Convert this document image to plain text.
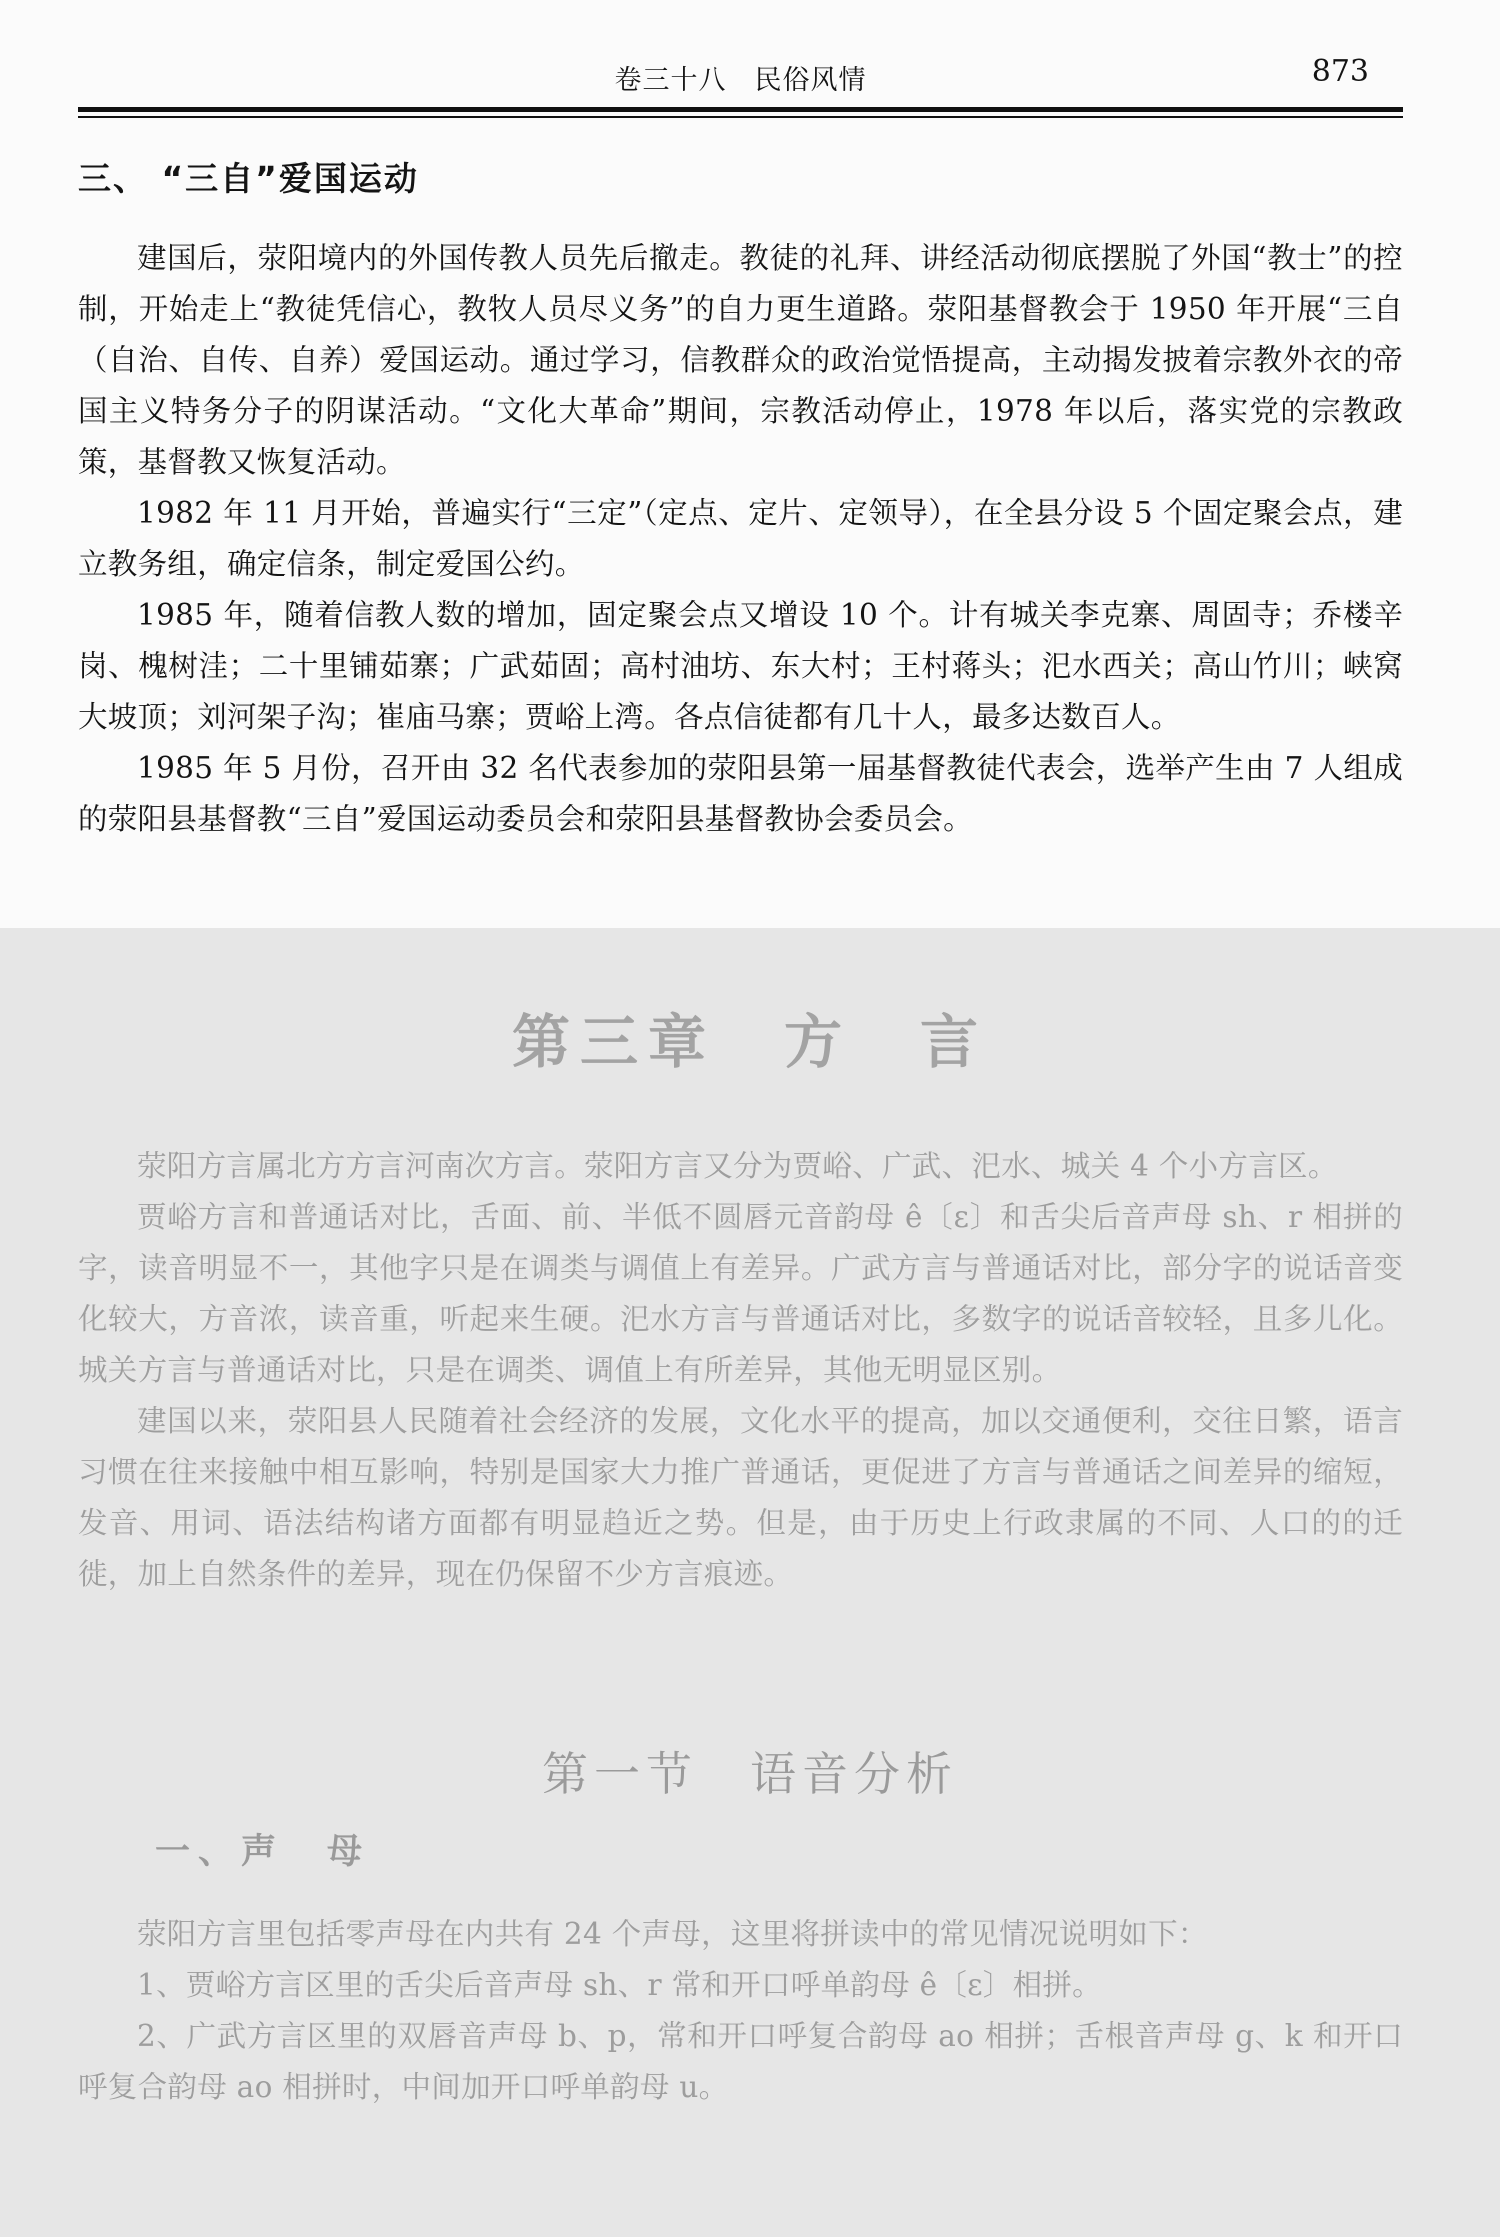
卷三十八　民俗风情	873
三、 “三自”爱国运动

建国后，荥阳境内的外国传教人员先后撤走。教徒的礼拜、讲经活动彻底摆脱了外国“教士”的控制，开始走上“教徒凭信心，教牧人员尽义务”的自力更生道路。荥阳基督教会于 1950 年开展“三自（自治、自传、自养）爱国运动。通过学习，信教群众的政治觉悟提高，主动揭发披着宗教外衣的帝国主义特务分子的阴谋活动。“文化大革命”期间，宗教活动停止，1978 年以后，落实党的宗教政策，基督教又恢复活动。

1982 年 11 月开始，普遍实行“三定”（定点、定片、定领导），在全县分设 5 个固定聚会点，建立教务组，确定信条，制定爱国公约。

1985 年，随着信教人数的增加，固定聚会点又增设 10 个。计有城关李克寨、周固寺；乔楼辛岗、槐树洼；二十里铺茹寨；广武茹固；高村油坊、东大村；王村蒋头；汜水西关；高山竹川；峡窝大坡顶；刘河架子沟；崔庙马寨；贾峪上湾。各点信徒都有几十人，最多达数百人。

1985 年 5 月份，召开由 32 名代表参加的荥阳县第一届基督教徒代表会，选举产生由 7 人组成的荥阳县基督教“三自”爱国运动委员会和荥阳县基督教协会委员会。

第三章　方　言

荥阳方言属北方方言河南次方言。荥阳方言又分为贾峪、广武、汜水、城关 4 个小方言区。

贾峪方言和普通话对比，舌面、前、半低不圆唇元音韵母 ê〔ɛ〕和舌尖后音声母 sh、r 相拼的字，读音明显不一，其他字只是在调类与调值上有差异。广武方言与普通话对比，部分字的说话音变化较大，方音浓，读音重，听起来生硬。汜水方言与普通话对比，多数字的说话音较轻，且多儿化。城关方言与普通话对比，只是在调类、调值上有所差异，其他无明显区别。

建国以来，荥阳县人民随着社会经济的发展，文化水平的提高，加以交通便利，交往日繁，语言习惯在往来接触中相互影响，特别是国家大力推广普通话，更促进了方言与普通话之间差异的缩短，发音、用词、语法结构诸方面都有明显趋近之势。但是，由于历史上行政隶属的不同、人口的的迁徙，加上自然条件的差异，现在仍保留不少方言痕迹。

第一节　语音分析
一、声　母

荥阳方言里包括零声母在内共有 24 个声母，这里将拼读中的常见情况说明如下：

1、贾峪方言区里的舌尖后音声母 sh、r 常和开口呼单韵母 ê〔ɛ〕相拼。

2、广武方言区里的双唇音声母 b、p，常和开口呼复合韵母 ao 相拼；舌根音声母 g、k 和开口呼复合韵母 ao 相拼时，中间加开口呼单韵母 u。
